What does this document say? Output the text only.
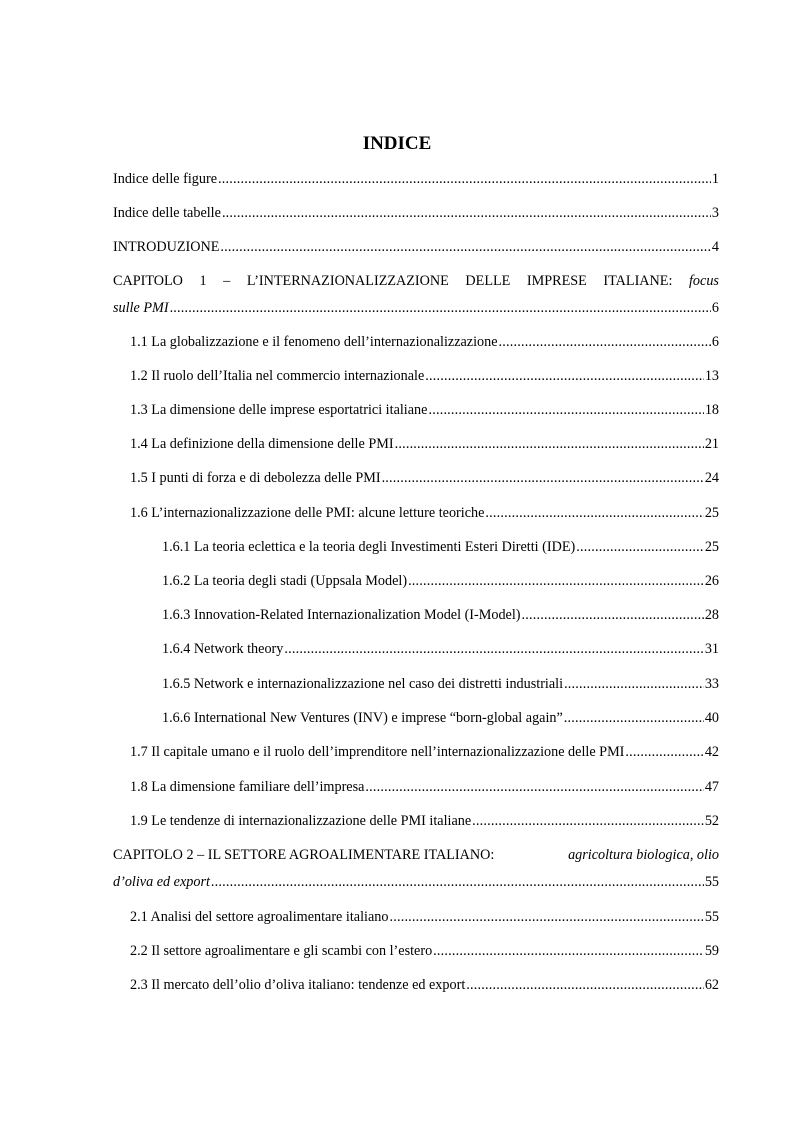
INDICE
Indice delle figure .....	1
Indice delle tabelle .....	3
INTRODUZIONE .....	4
CAPITOLO 1 – L’INTERNAZIONALIZZAZIONE DELLE IMPRESE ITALIANE: focus
sulle PMI .....	6
1.1 La globalizzazione e il fenomeno dell’internazionalizzazione .....	6
1.2 Il ruolo dell’Italia nel commercio internazionale .....	13
1.3 La dimensione delle imprese esportatrici italiane .....	18
1.4 La definizione della dimensione delle PMI .....	21
1.5 I punti di forza e di debolezza delle PMI .....	24
1.6 L’internazionalizzazione delle PMI: alcune letture teoriche .....	25
1.6.1 La teoria eclettica e la teoria degli Investimenti Esteri Diretti (IDE) .....	25
1.6.2 La teoria degli stadi (Uppsala Model) .....	26
1.6.3 Innovation-Related Internazionalization Model (I-Model) .....	28
1.6.4 Network theory .....	31
1.6.5 Network e internazionalizzazione nel caso dei distretti industriali .....	33
1.6.6 International New Ventures (INV) e imprese “born-global again” .....	40
1.7 Il capitale umano e il ruolo dell’imprenditore nell’internazionalizzazione delle PMI .....	42
1.8 La dimensione familiare dell’impresa .....	47
1.9 Le tendenze di internazionalizzazione delle PMI italiane .....	52
CAPITOLO 2 – IL SETTORE AGROALIMENTARE ITALIANO:	agricoltura biologica, olio
d’oliva ed export .....	55
2.1 Analisi del settore agroalimentare italiano .....	55
2.2 Il settore agroalimentare e gli scambi con l’estero .....	59
2.3 Il mercato dell’olio d’oliva italiano: tendenze ed export .....	62
